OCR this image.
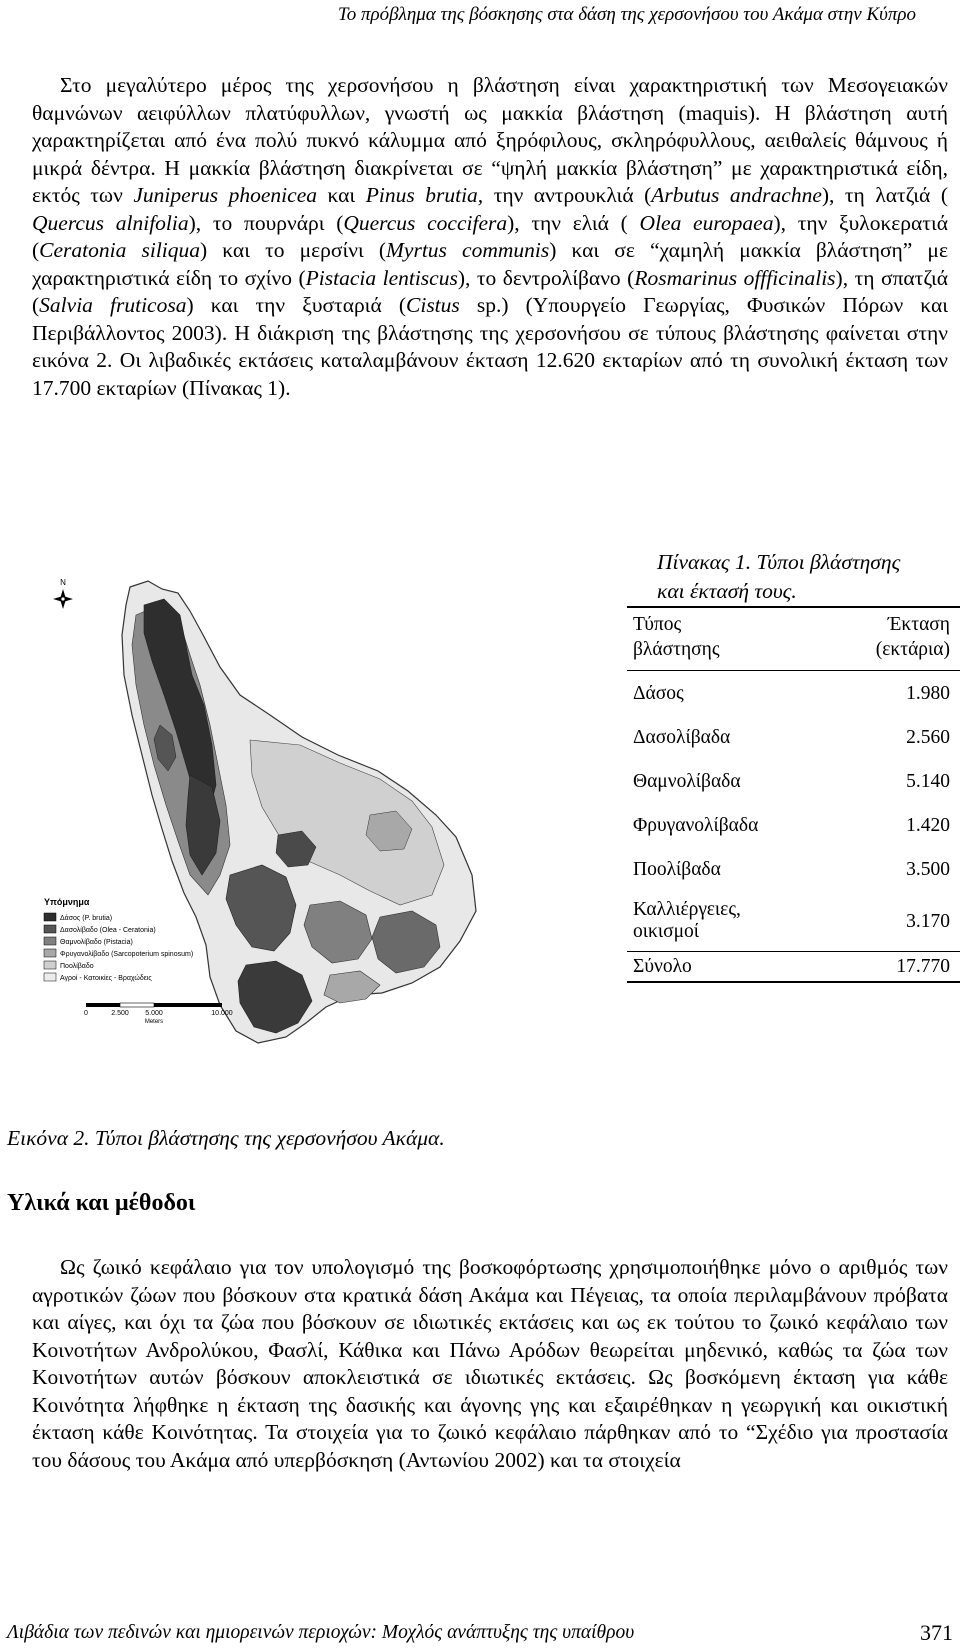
Το πρόβλημα της βόσκησης στα δάση της χερσονήσου του Ακάμα στην Κύπρο

Στο μεγαλύτερο μέρος της χερσονήσου η βλάστηση είναι χαρακτηριστική των Μεσογειακών θαμνώνων αειφύλλων πλατύφυλλων, γνωστή ως μακκία βλάστηση (maquis). Η βλάστηση αυτή χαρακτηρίζεται από ένα πολύ πυκνό κάλυμμα από ξηρόφιλους, σκληρόφυλλους, αειθαλείς θάμνους ή μικρά δέντρα. Η μακκία βλάστηση διακρίνεται σε “ψηλή μακκία βλάστηση” με χαρακτηριστικά είδη, εκτός των Juniperus phoenicea και Pinus brutia, την αντρουκλιά (Arbutus andrachne), τη λατζιά ( Quercus alnifolia), το πουρνάρι (Quercus coccifera), την ελιά ( Olea europaea), την ξυλοκερατιά (Ceratonia siliqua) και το μερσίνι (Myrtus communis) και σε “χαμηλή μακκία βλάστηση” με χαρακτηριστικά είδη το σχίνο (Pistacia lentiscus), το δεντρολίβανο (Rosmarinus offficinalis), τη σπατζιά (Salvia fruticosa) και την ξυσταριά (Cistus sp.) (Υπουργείο Γεωργίας, Φυσικών Πόρων και Περιβάλλοντος 2003). Η διάκριση της βλάστησης της χερσονήσου σε τύπους βλάστησης φαίνεται στην εικόνα 2. Οι λιβαδικές εκτάσεις καταλαμβάνουν έκταση 12.620 εκταρίων από τη συνολική έκταση των 17.700 εκταρίων (Πίνακας 1).

N
Υπόμνημα
Δάσος (P. brutia)
Δασολίβαδο (Olea - Ceratonia)
Θαμνολίβαδο (Pistacia)
Φρυγανολίβαδο (Sarcopoterium spinosum)
Ποολίβαδο
Αγροί - Κατοικίες - Βραχώδεις
0	2.500 5.000	10.000
Meters
Πίνακας 1. Τύποι βλάστησης
και έκτασή τους.
Τύπος
βλάστησης	Έκταση
(εκτάρια)
Δάσος	1.980
Δασολίβαδα	2.560
Θαμνολίβαδα	5.140
Φρυγανολίβαδα	1.420
Ποολίβαδα	3.500
Καλλιέργειες,
οικισμοί	3.170
Σύνολο	17.770
Εικόνα 2. Τύποι βλάστησης της χερσονήσου Ακάμα.
Υλικά και μέθοδοι

Ως ζωικό κεφάλαιο για τον υπολογισμό της βοσκοφόρτωσης χρησιμοποιήθηκε μόνο ο αριθμός των αγροτικών ζώων που βόσκουν στα κρατικά δάση Ακάμα και Πέγειας, τα οποία περιλαμβάνουν πρόβατα και αίγες, και όχι τα ζώα που βόσκουν σε ιδιωτικές εκτάσεις και ως εκ τούτου το ζωικό κεφάλαιο των Κοινοτήτων Ανδρολύκου, Φασλί, Κάθικα και Πάνω Αρόδων θεωρείται μηδενικό, καθώς τα ζώα των Κοινοτήτων αυτών βόσκουν αποκλειστικά σε ιδιωτικές εκτάσεις. Ως βοσκόμενη έκταση για κάθε Κοινότητα λήφθηκε η έκταση της δασικής και άγονης γης και εξαιρέθηκαν η γεωργική και οικιστική έκταση κάθε Κοινότητας. Τα στοιχεία για το ζωικό κεφάλαιο πάρθηκαν από το “Σχέδιο για προστασία του δάσους του Ακάμα από υπερβόσκηση (Αντωνίου 2002) και τα στοιχεία

Λιβάδια των πεδινών και ημιορεινών περιοχών: Μοχλός ανάπτυξης της υπαίθρου	371
